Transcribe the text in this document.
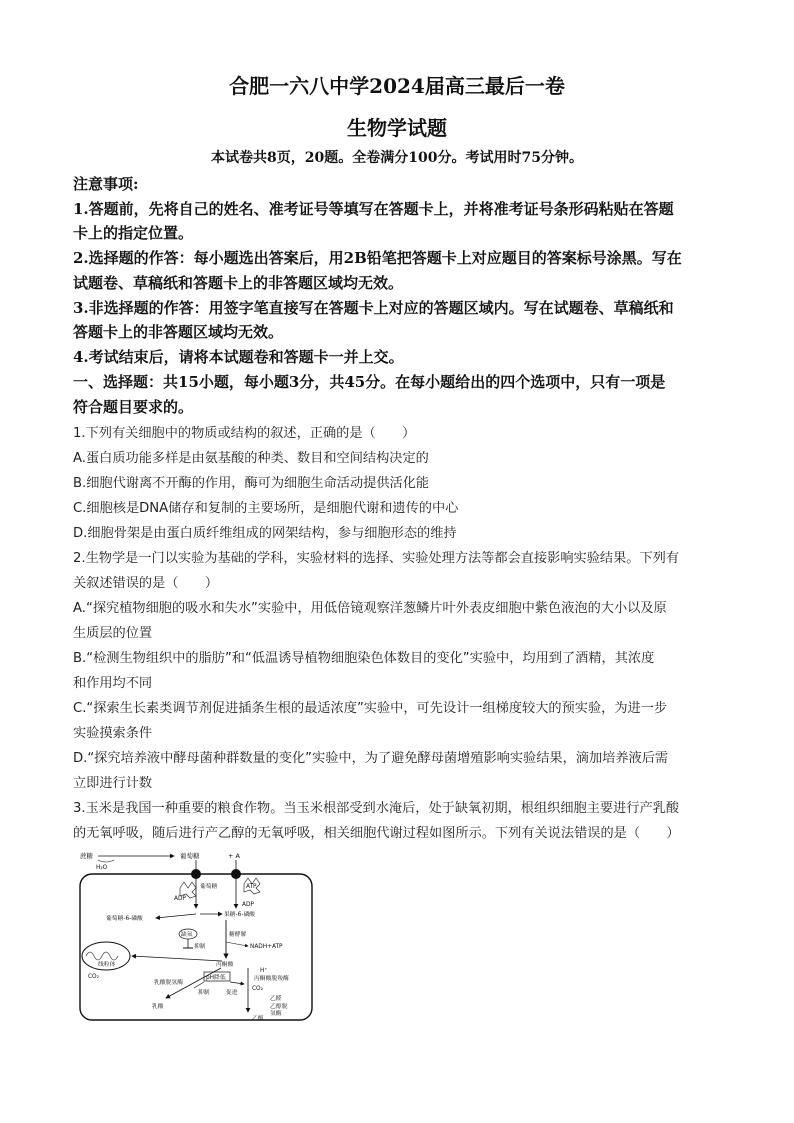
合肥一六八中学2024届高三最后一卷
生物学试题
本试卷共8页，20题。全卷满分100分。考试用时75分钟。
注意事项:
1.答题前，先将自己的姓名、准考证号等填写在答题卡上，并将准考证号条形码粘贴在答题
卡上的指定位置。
2.选择题的作答：每小题选出答案后，用2B铅笔把答题卡上对应题目的答案标号涂黑。写在
试题卷、草稿纸和答题卡上的非答题区域均无效。
3.非选择题的作答：用签字笔直接写在答题卡上对应的答题区域内。写在试题卷、草稿纸和
答题卡上的非答题区域均无效。
4.考试结束后，请将本试题卷和答题卡一并上交。
一、选择题：共15小题，每小题3分，共45分。在每小题给出的四个选项中，只有一项是
符合题目要求的。
1.下列有关细胞中的物质或结构的叙述，正确的是（　　）
A.蛋白质功能多样是由氨基酸的种类、数目和空间结构决定的
B.细胞代谢离不开酶的作用，酶可为细胞生命活动提供活化能
C.细胞核是DNA储存和复制的主要场所，是细胞代谢和遗传的中心
D.细胞骨架是由蛋白质纤维组成的网架结构，参与细胞形态的维持
2.生物学是一门以实验为基础的学科，实验材料的选择、实验处理方法等都会直接影响实验结果。下列有
关叙述错误的是（　　）
A.“探究植物细胞的吸水和失水”实验中，用低倍镜观察洋葱鳞片叶外表皮细胞中紫色液泡的大小以及原
生质层的位置
B.“检测生物组织中的脂肪”和“低温诱导植物细胞染色体数目的变化”实验中，均用到了酒精，其浓度
和作用均不同
C.“探索生长素类调节剂促进插条生根的最适浓度”实验中，可先设计一组梯度较大的预实验，为进一步
实验摸索条件
D.“探究培养液中酵母菌种群数量的变化”实验中，为了避免酵母菌增殖影响实验结果，滴加培养液后需
立即进行计数
3.玉米是我国一种重要的粮食作物。当玉米根部受到水淹后，处于缺氧初期，根组织细胞主要进行产乳酸
的无氧呼吸，随后进行产乙醇的无氧呼吸，相关细胞代谢过程如图所示。下列有关说法错误的是（　　）
蔗糖
H₂O
葡萄糖	+ A
葡萄糖
ADP
葡萄糖-6-磷酸
果糖-6-磷酸
ATP
ADP
糖酵解
NADH+ATP
缺氧
抑制
线粒体
CO₂
丙酮酸
H⁺
乳酸脱氢酶
乳酸
pH降低
抑制	促进
丙酮酸脱羧酶
CO₂
乙醛
乙醇脱
氢酶
乙醇
